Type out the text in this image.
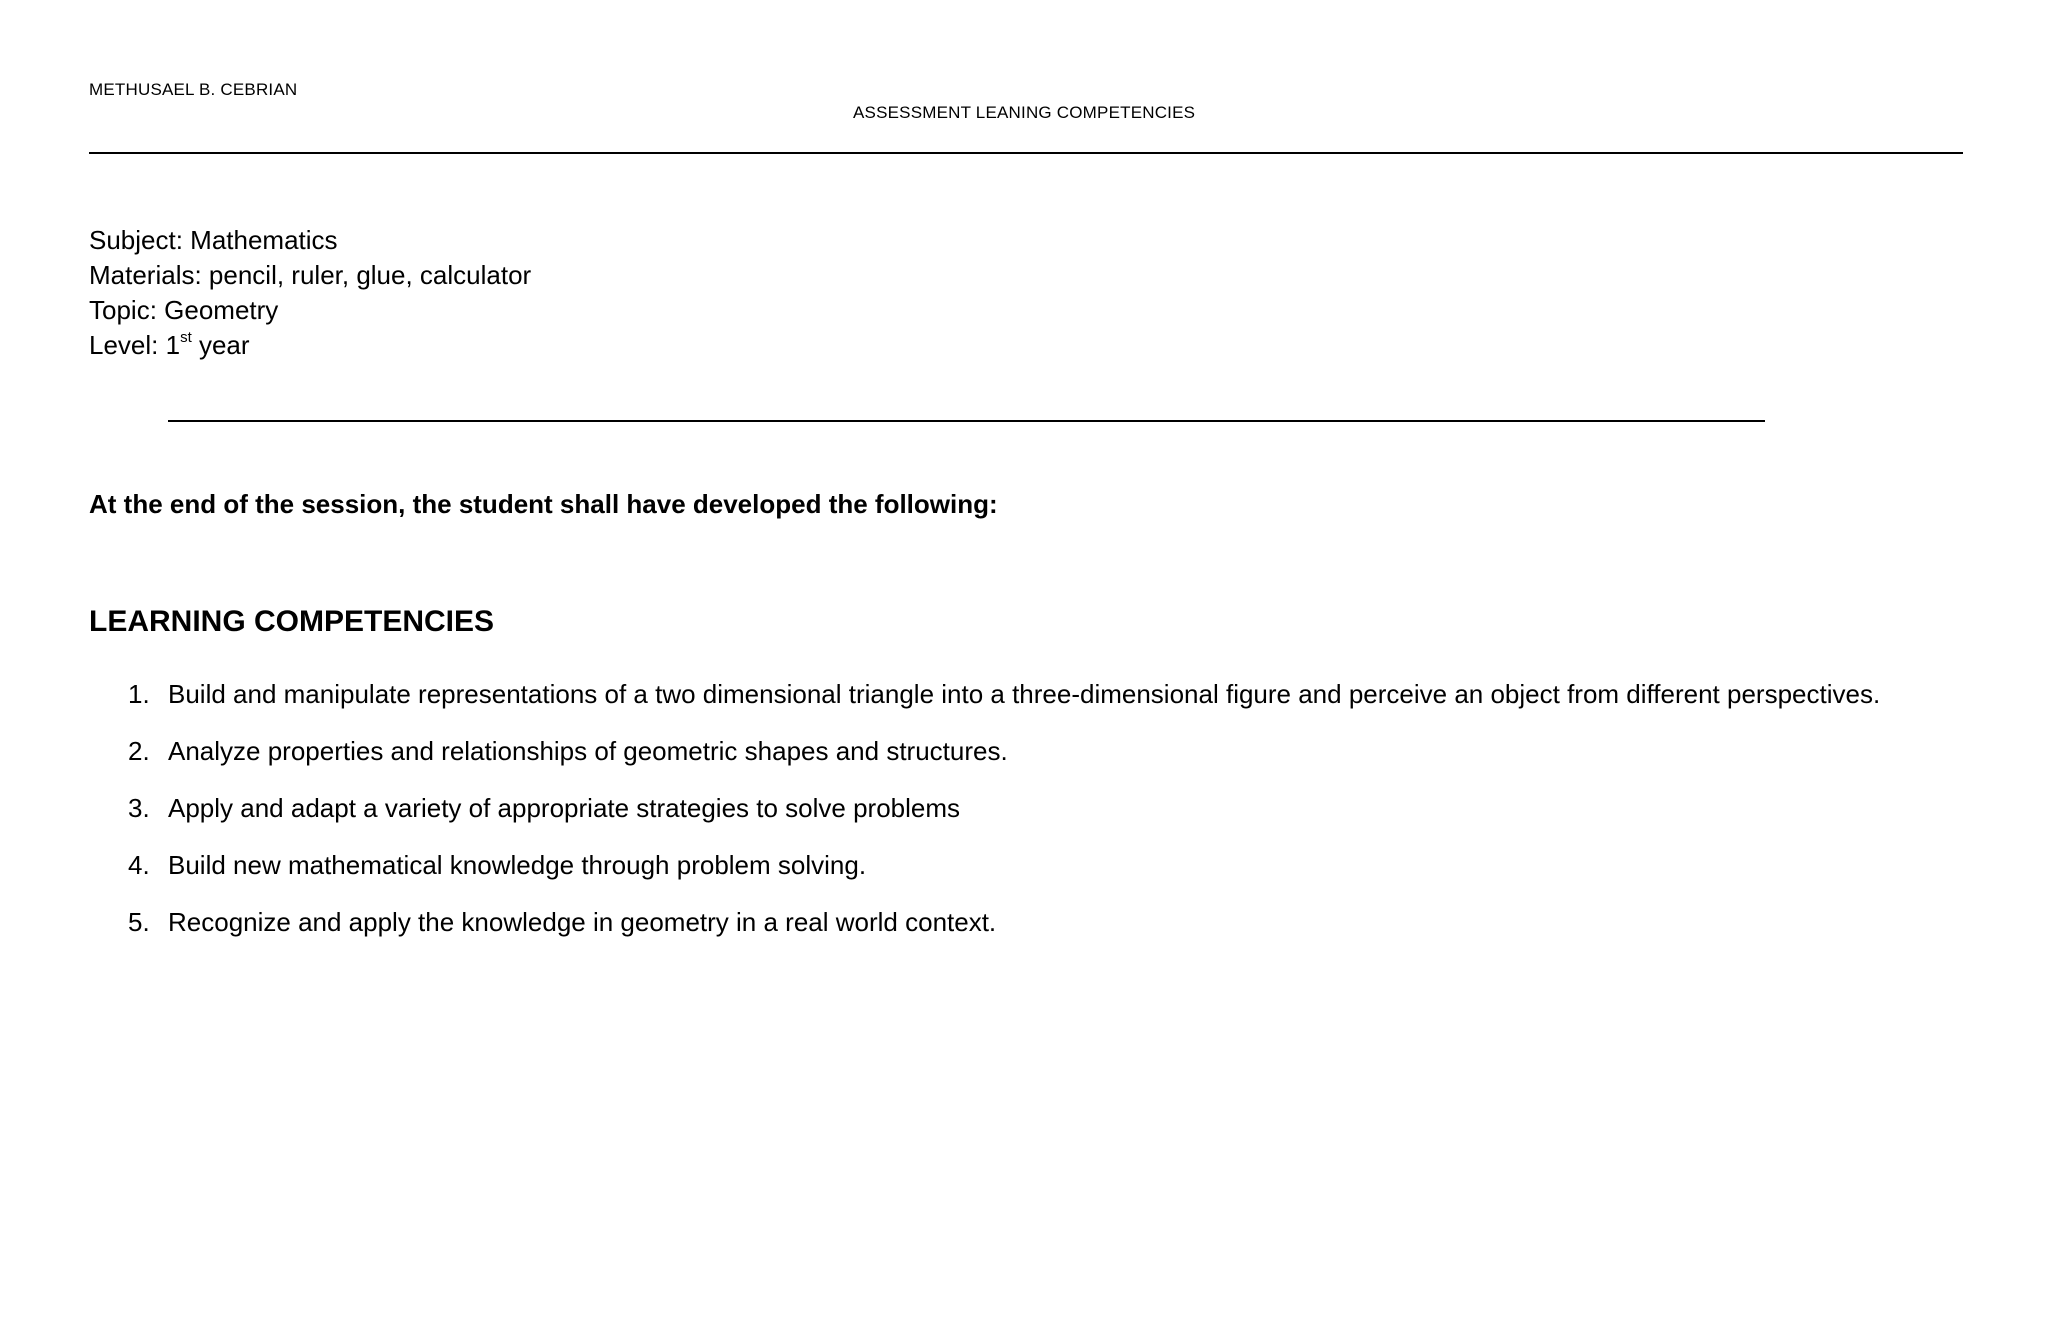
METHUSAEL B. CEBRIAN
ASSESSMENT LEANING COMPETENCIES
Subject: Mathematics
Materials: pencil, ruler, glue, calculator
Topic: Geometry
Level: 1st year
At the end of the session, the student shall have developed the following:
LEARNING COMPETENCIES
1. Build and manipulate representations of a two dimensional triangle into a three-dimensional figure and perceive an object from different perspectives.
2. Analyze properties and relationships of geometric shapes and structures.
3. Apply and adapt a variety of appropriate strategies to solve problems
4. Build new mathematical knowledge through problem solving.
5. Recognize and apply the knowledge in geometry in a real world context.
